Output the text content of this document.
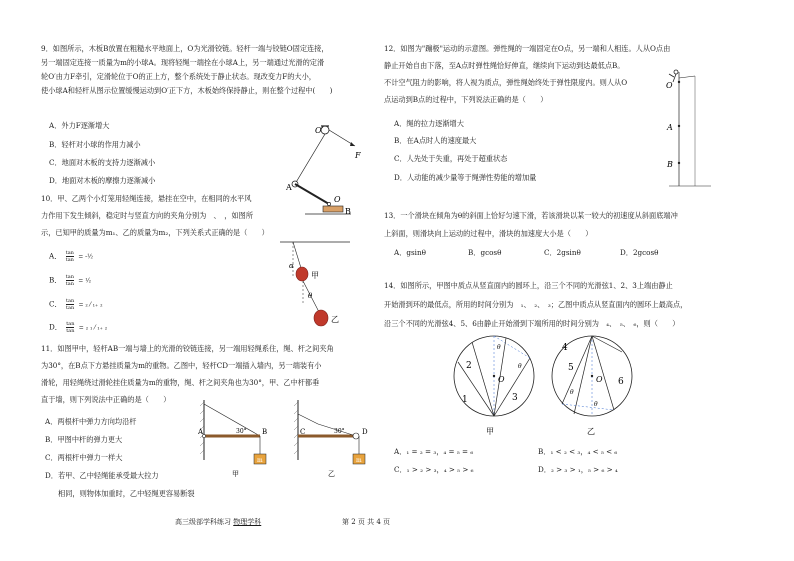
9．如图所示，木板B放置在粗糙水平地面上，O为光滑铰链。轻杆一端与铰链O固定连接，
另一端固定连接一质量为m的小球A。现将轻绳一端拴在小球A上，另一端通过光滑的定滑
轮O′由力F牵引，定滑轮位于O的正上方，整个系统处于静止状态。现改变力F的大小，
使小球A和轻杆从图示位置缓慢运动到O′正下方，木板始终保持静止，则在整个过程中(　　)
A．外力F逐渐增大
B．轻杆对小球的作用力减小
C．地面对木板的支持力逐渐减小
D．地面对木板的摩擦力逐渐减小
10．甲、乙两个小灯笼用轻绳连接，悬挂在空中，在相同的水平风
力作用下发生倾斜，稳定时与竖直方向的夹角分别为　、　，如图所
示，已知甲的质量为m₁、乙的质量为m₂，下列关系式正确的是（　　）
A． $\frac{\tan}{\tan}$ = -½
B． $\frac{\tan}{\tan}$ = ¹⁄₂
C． $\frac{\tan}{\tan} = _2$ ⁄ ₁₊ ₂
D． $\frac{\tan}{\tan} = _2$ ₁ ⁄ ₁₊ ₂
11．如图甲中，轻杆AB一端与墙上的光滑的铰链连接，另一端用轻绳系住，绳、杆之间夹角
为30°，在B点下方悬挂质量为m的重物。乙图中，轻杆CD一端插入墙内，另一端装有小
滑轮，用轻绳绕过滑轮挂住质量为m的重物，绳、杆之间夹角也为30°，甲、乙中杆都垂
直于墙，则下列说法中正确的是（　　）
A．两根杆中弹力方向均沿杆
B．甲图中杆的弹力更大
C．两根杆中弹力一样大
D．若甲、乙中轻绳能承受最大拉力
相同，则物体加重时，乙中轻绳更容易断裂
O′
F
A
O
B
α
θ
甲
乙
A	B
30°
m
甲
C	D
30°
m
乙
12．如图为"蹦极"运动的示意图。弹性绳的一端固定在O点，另一端和人相连。人从O点由
静止开始自由下落，至A点时弹性绳恰好伸直，继续向下运动到达最低点B。
不计空气阻力的影响，将人视为质点，弹性绳始终处于弹性限度内。则人从O
点运动到B点的过程中，下列说法正确的是（　　）
A．绳的拉力逐渐增大
B．在A点时人的速度最大
C．人先处于失重，再处于超重状态
D．人动能的减少量等于绳弹性势能的增加量
13．一个滑块在倾角为θ的斜面上恰好匀速下滑，若该滑块以某一较大的初速度从斜面底端冲
上斜面，则滑块向上运动的过程中，滑块的加速度大小是（　　）
A．gsinθ	B．gcosθ	C．2gsinθ	D．2gcosθ
14．如图所示，甲图中质点从竖直面内的圆环上，沿三个不同的光滑弦1、2、3上端由静止
开始滑到环的最低点，所用的时间分别为　₁、　₂、　₃；乙图中质点从竖直面内的圆环上最高点，
沿三个不同的光滑弦4、5、6由静止开始滑到下端所用的时间分别为　₄、　₅、　₆，则（　　）
A．₁ = ₂ = ₃，₄ = ₅ = ₆	B．₁ < ₂ < ₃，₄ < ₅ < ₆
C．₁ > ₂ > ₃，₄ > ₅ > ₆	D．₂ > ₃ > ₁，₅ > ₆ > ₄
O
A
B
θ
θ
O
2
1	3
甲
θ
θ
O
4
5
6
乙
高三级部学科练习 物理学科	第 2 页 共 4 页
